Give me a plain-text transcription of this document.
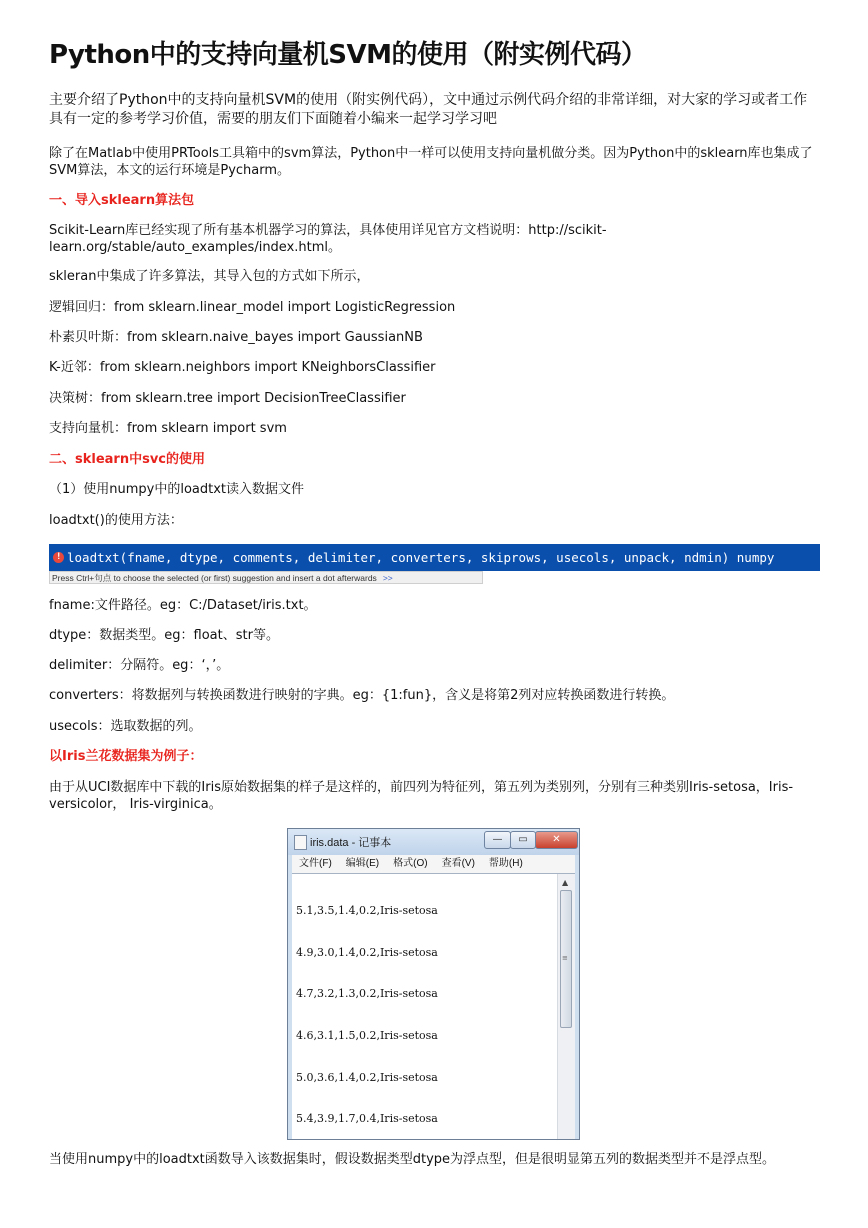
Python中的支持向量机SVM的使用（附实例代码）

主要介绍了Python中的支持向量机SVM的使用（附实例代码），文中通过示例代码介绍的非常详细，对大家的学习或者工作具有一定的参考学习价值，需要的朋友们下面随着小编来一起学习学习吧

除了在Matlab中使用PRTools工具箱中的svm算法，Python中一样可以使用支持向量机做分类。因为Python中的sklearn库也集成了SVM算法，本文的运行环境是Pycharm。

一、导入sklearn算法包

Scikit-Learn库已经实现了所有基本机器学习的算法，具体使用详见官方文档说明：http://scikit-learn.org/stable/auto_examples/index.html。

skleran中集成了许多算法，其导入包的方式如下所示，

逻辑回归：from sklearn.linear_model import LogisticRegression

朴素贝叶斯：from sklearn.naive_bayes import GaussianNB

K-近邻：from sklearn.neighbors import KNeighborsClassifier

决策树：from sklearn.tree import DecisionTreeClassifier

支持向量机：from sklearn import svm

二、sklearn中svc的使用

（1）使用numpy中的loadtxt读入数据文件

loadtxt()的使用方法：

!loadtxt(fname, dtype, comments, delimiter, converters, skiprows, usecols, unpack, ndmin) numpy
Press Ctrl+句点 to choose the selected (or first) suggestion and insert a dot afterwards >>

fname:文件路径。eg：C:/Dataset/iris.txt。

dtype：数据类型。eg：float、str等。

delimiter：分隔符。eg：‘，’。

converters：将数据列与转换函数进行映射的字典。eg：{1:fun}，含义是将第2列对应转换函数进行转换。

usecols：选取数据的列。

以Iris兰花数据集为例子：

由于从UCI数据库中下载的Iris原始数据集的样子是这样的，前四列为特征列，第五列为类别列，分别有三种类别Iris-setosa，Iris-versicolor， Iris-virginica。

iris.data - 记事本	—	▭	✕
文件(F) 编辑(E) 格式(O) 查看(V) 帮助(H)

5.1,3.5,1.4,0.2,Iris-setosa

4.9,3.0,1.4,0.2,Iris-setosa

4.7,3.2,1.3,0.2,Iris-setosa

4.6,3.1,1.5,0.2,Iris-setosa

5.0,3.6,1.4,0.2,Iris-setosa

5.4,3.9,1.7,0.4,Iris-setosa

▲
≡

当使用numpy中的loadtxt函数导入该数据集时，假设数据类型dtype为浮点型，但是很明显第五列的数据类型并不是浮点型。
